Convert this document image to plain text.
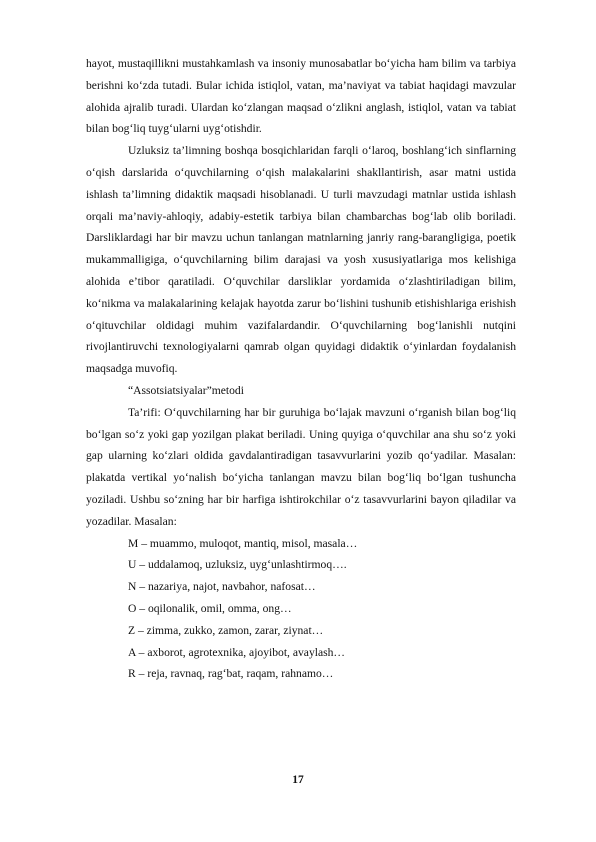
hayot, mustaqillikni mustahkamlash va insoniy munosabatlar bo‘yicha ham bilim va tarbiya berishni ko‘zda tutadi. Bular ichida istiqlol, vatan, ma’naviyat va tabiat haqidagi mavzular alohida ajralib turadi. Ulardan ko‘zlangan maqsad o‘zlikni anglash, istiqlol, vatan va tabiat bilan bog‘liq tuyg‘ularni uyg‘otishdir.

Uzluksiz ta’limning boshqa bosqichlaridan farqli o‘laroq, boshlang‘ich sinflarning o‘qish darslarida o‘quvchilarning o‘qish malakalarini shakllantirish, asar matni ustida ishlash ta’limning didaktik maqsadi hisoblanadi. U turli mavzudagi matnlar ustida ishlash orqali ma’naviy-ahloqiy, adabiy-estetik tarbiya bilan chambarchas bog‘lab olib boriladi. Darsliklardagi har bir mavzu uchun tanlangan matnlarning janriy rang-barangligiga, poetik mukammalligiga, o‘quvchilarning bilim darajasi va yosh xususiyatlariga mos kelishiga alohida e’tibor qaratiladi. O‘quvchilar darsliklar yordamida o‘zlashtiriladigan bilim, ko‘nikma va malakalarining kelajak hayotda zarur bo‘lishini tushunib etishishlariga erishish o‘qituvchilar oldidagi muhim vazifalardandir. O‘quvchilarning bog‘lanishli nutqini rivojlantiruvchi texnologiyalarni qamrab olgan quyidagi didaktik o‘yinlardan foydalanish maqsadga muvofiq.

“Assotsiatsiyalar”metodi

Ta’rifi: O‘quvchilarning har bir guruhiga bo‘lajak mavzuni o‘rganish bilan bog‘liq bo‘lgan so‘z yoki gap yozilgan plakat beriladi. Uning quyiga o‘quvchilar ana shu so‘z yoki gap ularning ko‘zlari oldida gavdalantiradigan tasavvurlarini yozib qo‘yadilar. Masalan: plakatda vertikal yo‘nalish bo‘yicha tanlangan mavzu bilan bog‘liq bo‘lgan tushuncha yoziladi. Ushbu so‘zning har bir harfiga ishtirokchilar o‘z tasavvurlarini bayon qiladilar va yozadilar. Masalan:

M – muammo, muloqot, mantiq, misol, masala…

U – uddalamoq, uzluksiz, uyg‘unlashtirmoq….

N – nazariya, najot, navbahor, nafosat…

O – oqilonalik, omil, omma, ong…

Z – zimma, zukko, zamon, zarar, ziynat…

A – axborot, agrotexnika, ajoyibot, avaylash…

R – reja, ravnaq, rag‘bat, raqam, rahnamo…

17
